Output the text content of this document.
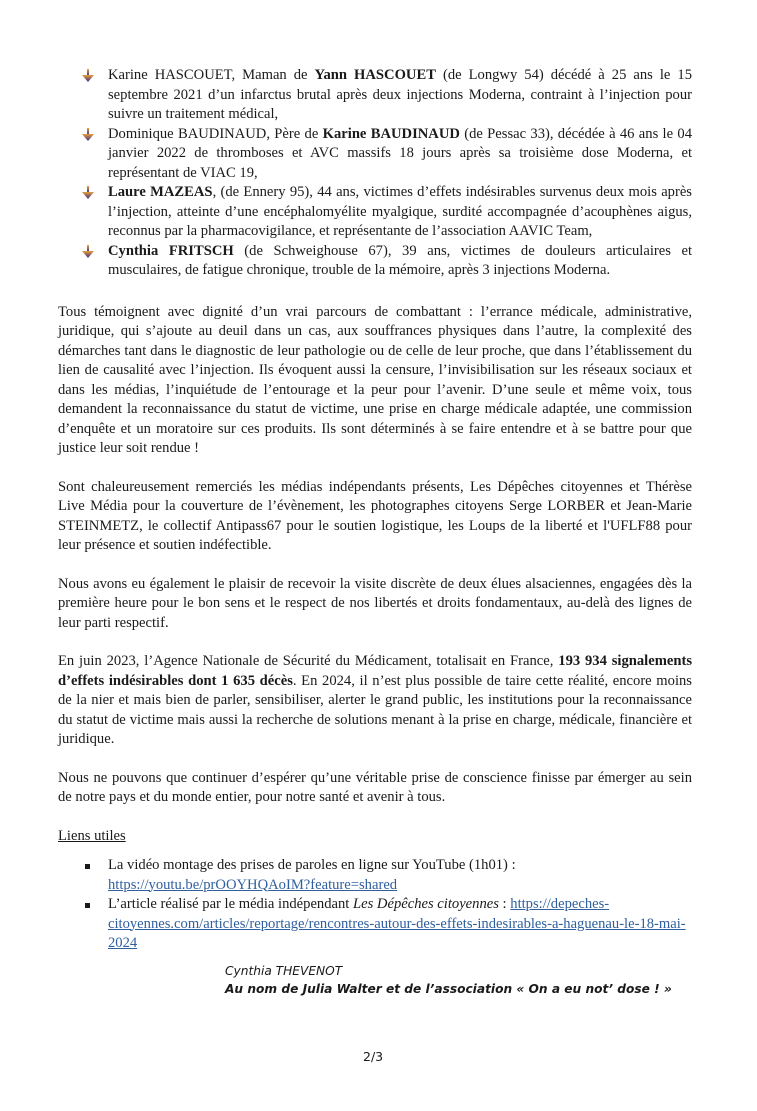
Karine HASCOUET, Maman de Yann HASCOUET (de Longwy 54) décédé à 25 ans le 15 septembre 2021 d’un infarctus brutal après deux injections Moderna, contraint à l’injection pour suivre un traitement médical,
Dominique BAUDINAUD, Père de Karine BAUDINAUD (de Pessac 33), décédée à 46 ans le 04 janvier 2022 de thromboses et AVC massifs 18 jours après sa troisième dose Moderna, et représentant de VIAC 19,
Laure MAZEAS, (de Ennery 95), 44 ans, victimes d’effets indésirables survenus deux mois après l’injection, atteinte d’une encéphalomyélite myalgique, surdité accompagnée d’acouphènes aigus, reconnus par la pharmacovigilance, et représentante de l’association AAVIC Team,
Cynthia FRITSCH (de Schweighouse 67), 39 ans, victimes de douleurs articulaires et musculaires, de fatigue chronique, trouble de la mémoire, après 3 injections Moderna.

Tous témoignent avec dignité d’un vrai parcours de combattant : l’errance médicale, administrative, juridique, qui s’ajoute au deuil dans un cas, aux souffrances physiques dans l’autre, la complexité des démarches tant dans le diagnostic de leur pathologie ou de celle de leur proche, que dans l’établissement du lien de causalité avec l’injection. Ils évoquent aussi la censure, l’invisibilisation sur les réseaux sociaux et dans les médias, l’inquiétude de l’entourage et la peur pour l’avenir. D’une seule et même voix, tous demandent la reconnaissance du statut de victime, une prise en charge médicale adaptée, une commission d’enquête et un moratoire sur ces produits. Ils sont déterminés à se faire entendre et à se battre pour que justice leur soit rendue !

Sont chaleureusement remerciés les médias indépendants présents, Les Dépêches citoyennes et Thérèse Live Média pour la couverture de l’évènement, les photographes citoyens Serge LORBER et Jean-Marie STEINMETZ, le collectif Antipass67 pour le soutien logistique, les Loups de la liberté et l'UFLF88 pour leur présence et soutien indéfectible.

Nous avons eu également le plaisir de recevoir la visite discrète de deux élues alsaciennes, engagées dès la première heure pour le bon sens et le respect de nos libertés et droits fondamentaux, au-delà des lignes de leur parti respectif.

En juin 2023, l’Agence Nationale de Sécurité du Médicament, totalisait en France, 193 934 signalements d’effets indésirables dont 1 635 décès. En 2024, il n’est plus possible de taire cette réalité, encore moins de la nier et mais bien de parler, sensibiliser, alerter le grand public, les institutions pour la reconnaissance du statut de victime mais aussi la recherche de solutions menant à la prise en charge, médicale, financière et juridique.

Nous ne pouvons que continuer d’espérer qu’une véritable prise de conscience finisse par émerger au sein de notre pays et du monde entier, pour notre santé et avenir à tous.

Liens utiles

La vidéo montage des prises de paroles en ligne sur YouTube (1h01) :
https://youtu.be/prOOYHQAoIM?feature=shared
L’article réalisé par le média indépendant Les Dépêches citoyennes : https://depeches-citoyennes.com/articles/reportage/rencontres-autour-des-effets-indesirables-a-haguenau-le-18-mai-2024
Cynthia THEVENOT
Au nom de Julia Walter et de l’association « On a eu not’ dose ! »
2/3
